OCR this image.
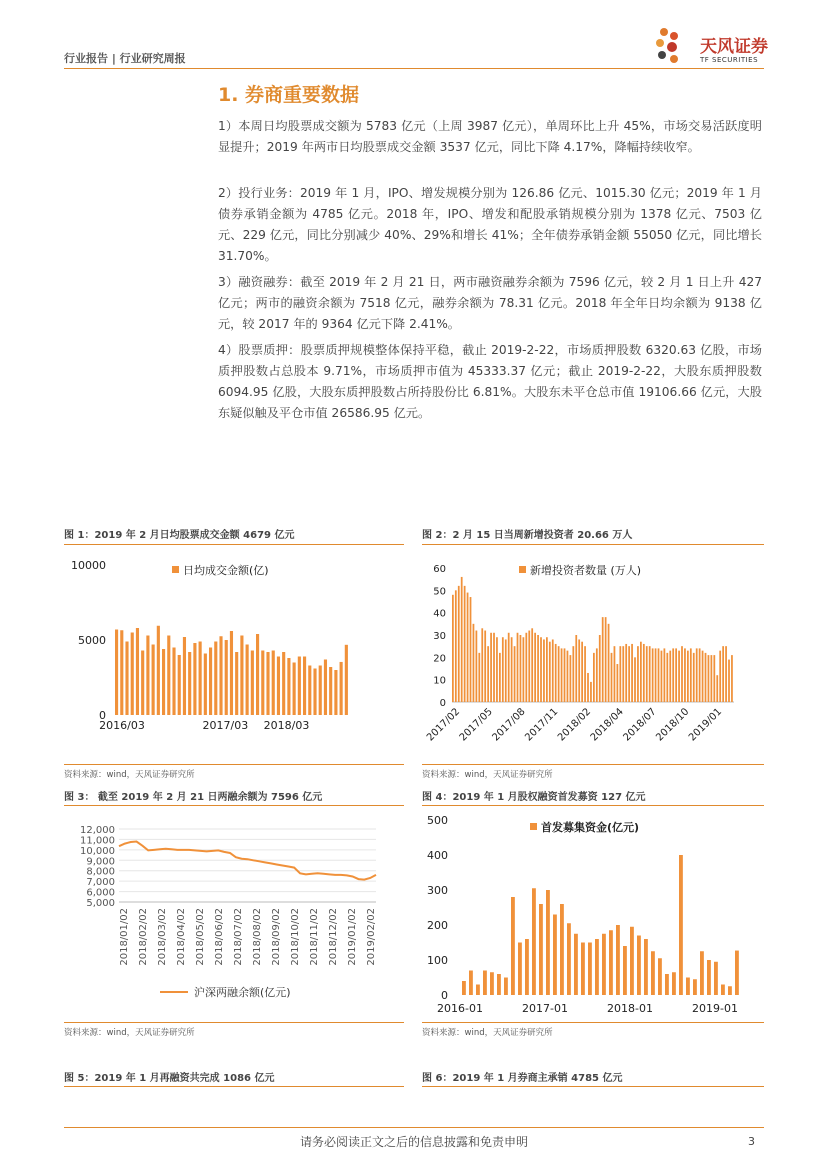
行业报告 | 行业研究周报
天风证券
TF SECURITIES
1. 券商重要数据
1）本周日均股票成交额为 5783 亿元（上周 3987 亿元），单周环比上升 45%，市场交易活跃度明显提升；2019 年两市日均股票成交金额 3537 亿元，同比下降 4.17%，降幅持续收窄。
2）投行业务：2019 年 1 月，IPO、增发规模分别为 126.86 亿元、1015.30 亿元；2019 年 1 月债券承销金额为 4785 亿元。2018 年，IPO、增发和配股承销规模分别为 1378 亿元、7503 亿元、229 亿元，同比分别减少 40%、29%和增长 41%；全年债券承销金额 55050 亿元，同比增长 31.70%。
3）融资融券：截至 2019 年 2 月 21 日，两市融资融券余额为 7596 亿元，较 2 月 1 日上升 427 亿元；两市的融资余额为 7518 亿元，融券余额为 78.31 亿元。2018 年全年日均余额为 9138 亿元，较 2017 年的 9364 亿元下降 2.41%。
4）股票质押：股票质押规模整体保持平稳，截止 2019-2-22，市场质押股数 6320.63 亿股，市场质押股数占总股本 9.71%，市场质押市值为 45333.37 亿元；截止 2019-2-22，大股东质押股数 6094.95 亿股，大股东质押股数占所持股份比 6.81%。大股东未平仓总市值 19106.66 亿元，大股东疑似触及平仓市值 26586.95 亿元。
图 1：2019 年 2 月日均股票成交金额 4679 亿元	图 2：2 月 15 日当周新增投资者 20.66 万人
0
5000
10000
2016/03	2017/03 2018/03
日均成交金额(亿)
0
10
20
30
40
50
60
2017/02
2017/05
2017/08
2017/11
2018/02
2018/04
2018/07
2018/10
2019/01
新增投资者数量 (万人)
资料来源：wind，天风证券研究所	资料来源：wind，天风证券研究所
图 3： 截至 2019 年 2 月 21 日两融余额为 7596 亿元	图 4：2019 年 1 月股权融资首发募资 127 亿元
5,000
6,000
7,000
8,000
9,000
10,000
11,000
12,000
2018/01/02 2018/02/02 2018/03/02 2018/04/02 2018/05/02 2018/06/02 2018/07/02 2018/08/02 2018/09/02 2018/10/02 2018/11/02 2018/12/02 2019/01/02 2019/02/02
沪深两融余额(亿元)	0
100
200
300
400
500
2016-01	2017-01	2018-01	2019-01
首发募集资金(亿元)
资料来源：wind，天风证券研究所	资料来源：wind，天风证券研究所
图 5：2019 年 1 月再融资共完成 1086 亿元	图 6：2019 年 1 月券商主承销 4785 亿元
请务必阅读正文之后的信息披露和免责申明	3
